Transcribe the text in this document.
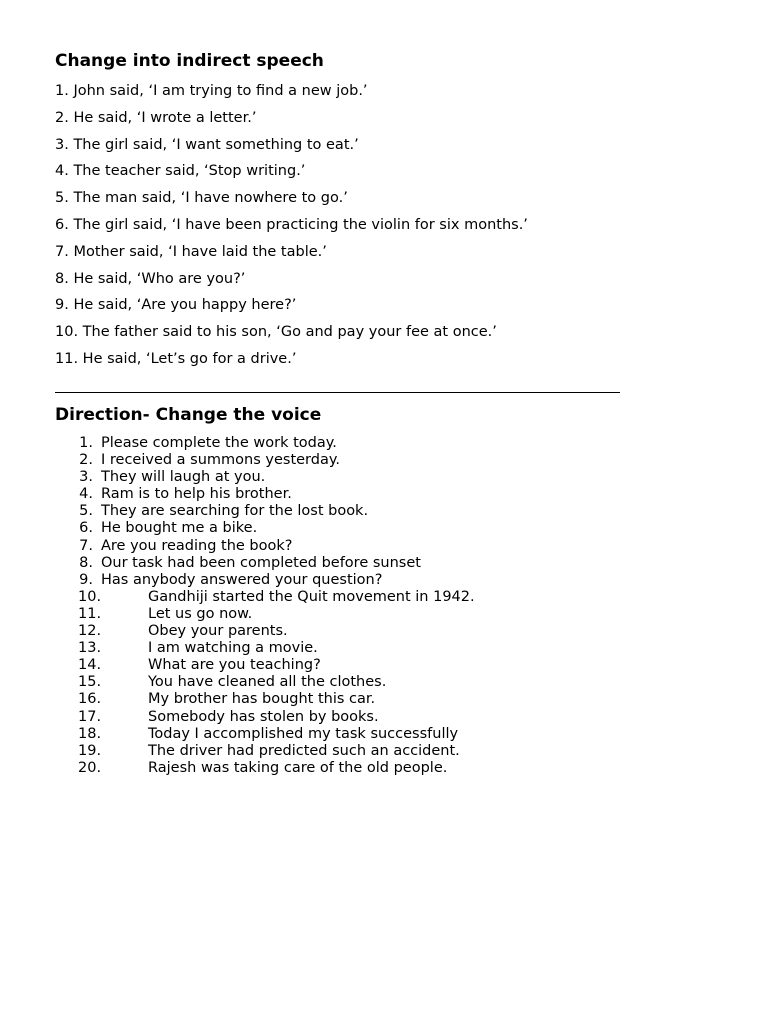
Change into indirect speech
1. John said, ‘I am trying to find a new job.’
2. He said, ‘I wrote a letter.’
3. The girl said, ‘I want something to eat.’
4. The teacher said, ‘Stop writing.’
5. The man said, ‘I have nowhere to go.’
6. The girl said, ‘I have been practicing the violin for six months.’
7. Mother said, ‘I have laid the table.’
8. He said, ‘Who are you?’
9. He said, ‘Are you happy here?’
10. The father said to his son, ‘Go and pay your fee at once.’
11. He said, ‘Let’s go for a drive.’
Direction- Change the voice
1. Please complete the work today.
2. I received a summons yesterday.
3. They will laugh at you.
4. Ram is to help his brother.
5. They are searching for the lost book.
6. He bought me a bike.
7. Are you reading the book?
8. Our task had been completed before sunset
9. Has anybody answered your question?
10.	Gandhiji started the Quit movement in 1942.
11.	Let us go now.
12.	Obey your parents.
13.	I am watching a movie.
14.	What are you teaching?
15.	You have cleaned all the clothes.
16.	My brother has bought this car.
17.	Somebody has stolen by books.
18.	Today I accomplished my task successfully
19.	The driver had predicted such an accident.
20.	Rajesh was taking care of the old people.
